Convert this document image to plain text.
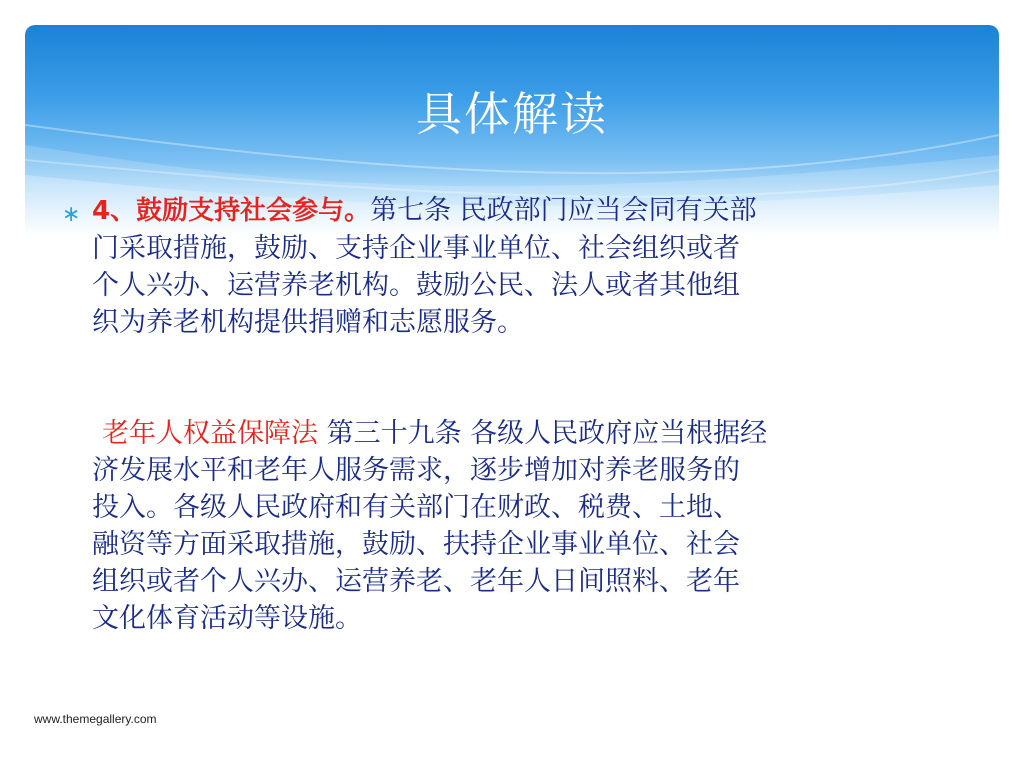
具体解读
∗ 4、鼓励支持社会参与。第七条 民政部门应当会同有关部
门采取措施，鼓励、支持企业事业单位、社会组织或者
个人兴办、运营养老机构。鼓励公民、法人或者其他组
织为养老机构提供捐赠和志愿服务。
老年人权益保障法 第三十九条 各级人民政府应当根据经
济发展水平和老年人服务需求，逐步增加对养老服务的
投入。各级人民政府和有关部门在财政、税费、土地、
融资等方面采取措施，鼓励、扶持企业事业单位、社会
组织或者个人兴办、运营养老、老年人日间照料、老年
文化体育活动等设施。
www.themegallery.com
